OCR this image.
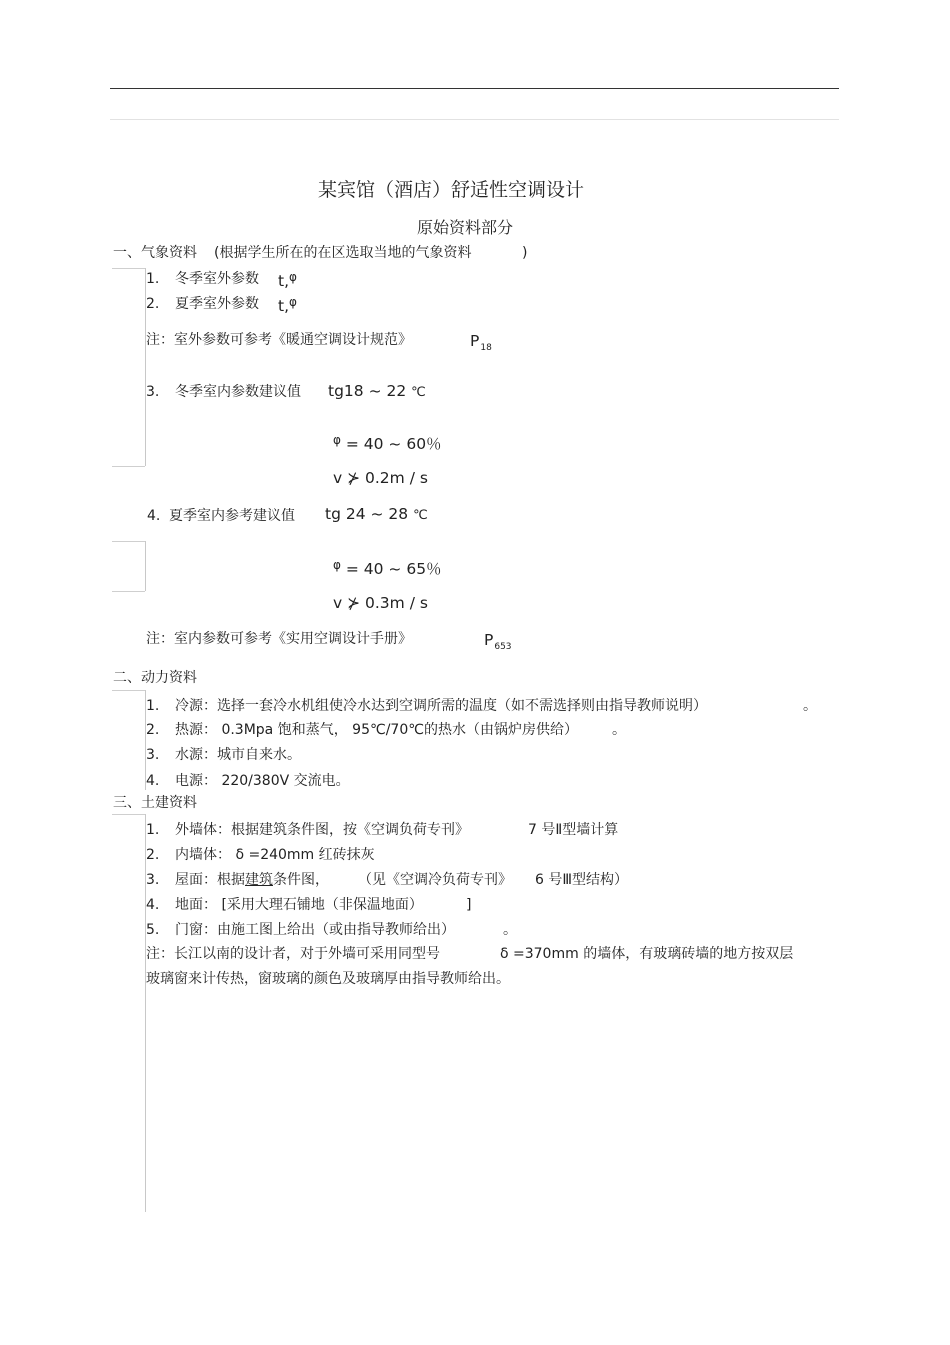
某宾馆（酒店）舒适性空调设计
原始资料部分
一、气象资料 (根据学生所在的在区选取当地的气象资料	)
1. 冬季室外参数 t,$^\varphi$
2. 夏季室外参数 t,$^\varphi$
注：室外参数可参考《暖通空调设计规范》	$P_{18}$
3. 冬季室内参数建议值 tg18 ~ 22 ℃
$^\varphi$ = 40 ~ 60％
v ⊁ 0.2m / s
4. 夏季室内参考建议值 tg 24 ~ 28 ℃
$^\varphi$ = 40 ~ 65％
v ⊁ 0.3m / s
注：室内参数可参考《实用空调设计手册》	$P_{653}$
二、动力资料
1. 冷源：选择一套冷水机组使冷水达到空调所需的温度（如不需选择则由指导教师说明）	。
2. 热源： 0.3Mpa 饱和蒸气， 95℃/70℃的热水（由锅炉房供给） 。
3. 水源：城市自来水。
4. 电源： 220/380V 交流电。
三、土建资料
1. 外墙体：根据建筑条件图，按《空调负荷专刊》	7 号Ⅱ型墙计算
2. 内墙体： δ =240mm 红砖抹灰
3. 屋面：根据建筑条件图， （见《空调冷负荷专刊》 6 号Ⅲ型结构）
4. 地面： [采用大理石铺地（非保温地面）	]
5. 门窗：由施工图上给出（或由指导教师给出）	。
注：长江以南的设计者，对于外墙可采用同型号	δ =370mm 的墙体，有玻璃砖墙的地方按双层
玻璃窗来计传热，窗玻璃的颜色及玻璃厚由指导教师给出。
